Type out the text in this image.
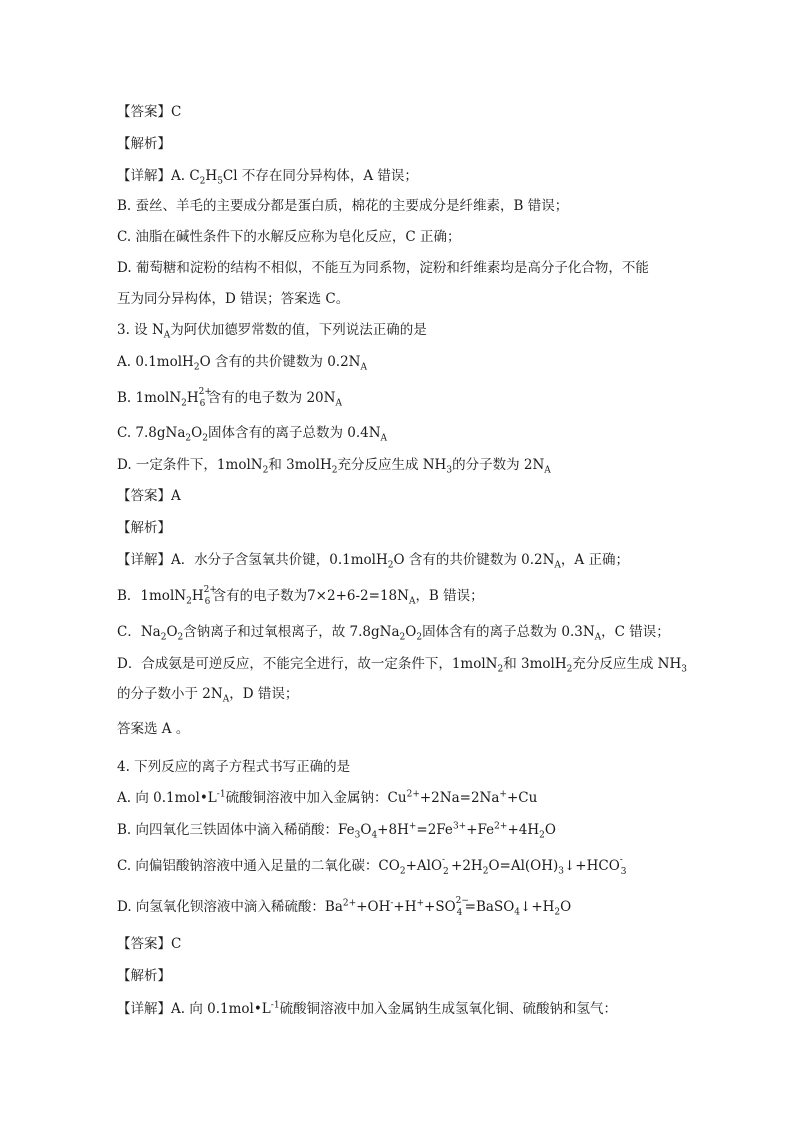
【答案】C
【解析】
【详解】A. $C_2H_5Cl$ 不存在同分异构体，A 错误；
B. 蚕丝、羊毛的主要成分都是蛋白质，棉花的主要成分是纤维素，B 错误；
C. 油脂在碱性条件下的水解反应称为皂化反应，C 正确；
D. 葡萄糖和淀粉的结构不相似，不能互为同系物，淀粉和纤维素均是高分子化合物，不能
互为同分异构体，D 错误；答案选 C。
3. 设 $N_A$为阿伏加德罗常数的值，下列说法正确的是
A. 0.1molH$_2$O 含有的共价键数为 $0.2N_A$
B. 1molN$_2$H 2+
6 含有的电子数为 $20N_A$
C. $7.8gNa_2O_2$固体含有的离子总数为 $0.4N_A$
D. 一定条件下，1molN$_2$和 3molH$_2$充分反应生成 $NH_3$的分子数为 $2N_A$
【答案】A
【解析】
【详解】A．水分子含氢氧共价键，0.1molH$_2$O 含有的共价键数为 $0.2N_A$，A 正确；
B．1molN$_2$H 2+
6 含有的电子数为$7\times 2+6-2=18N_A$，B 错误；
C．$Na_2O_2$含钠离子和过氧根离子，故 $7.8gNa_2O_2$固体含有的离子总数为 $0.3N_A$，C 错误；
D．合成氨是可逆反应，不能完全进行，故一定条件下，1molN$_2$和 3molH$_2$充分反应生成 $NH_3$
的分子数小于 $2N_A$，D 错误；
答案选 A 。
4. 下列反应的离子方程式书写正确的是
A. 向 $0.1mol•L^{-1}$硫酸铜溶液中加入金属钠：$Cu^{2+}+2Na=2Na^++Cu$
B. 向四氧化三铁固体中滴入稀硝酸：$Fe_3O_4+8H^+=2Fe^{3+}+Fe^{2+}+4H_2O$
C. 向偏铝酸钠溶液中通入足量的二氧化碳：$CO_2+AlO$ -
$2 +2H_2O=Al(OH)_3↓+HCO$ -
3
D. 向氢氧化钡溶液中滴入稀硫酸：$Ba^{2+}+OH^-+H^++SO$ 2−
$4 =BaSO_4↓+H_2O$
【答案】C
【解析】
【详解】A. 向 $0.1mol•L^{-1}$硫酸铜溶液中加入金属钠生成氢氧化铜、硫酸钠和氢气：
